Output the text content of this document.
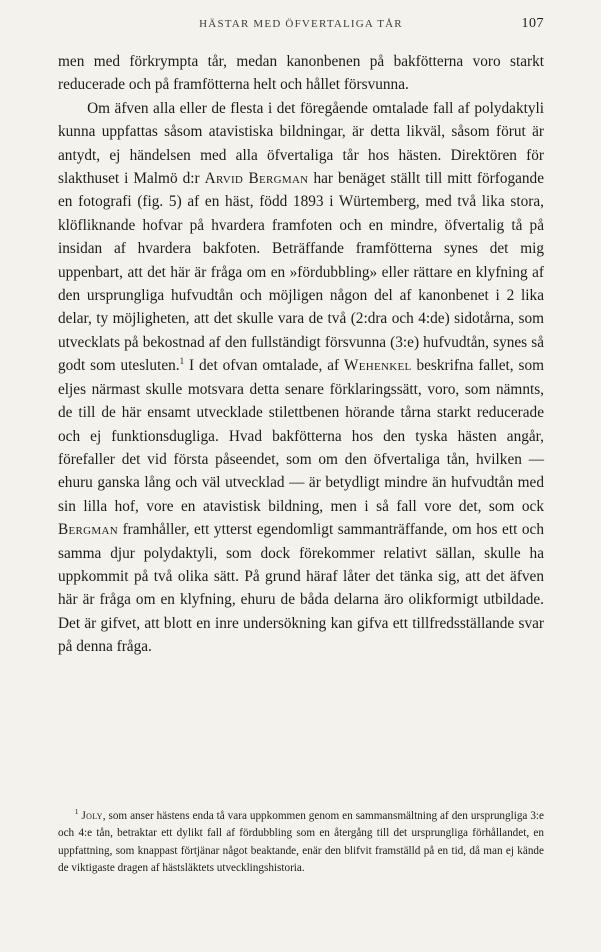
HÄSTAR MED ÖFVERTALIGA TÅR	107

men med förkrympta tår, medan kanonbenen på bakfötterna voro starkt reducerade och på framfötterna helt och hållet försvunna.

Om äfven alla eller de flesta i det föregående omtalade fall af polydaktyli kunna uppfattas såsom atavistiska bildningar, är detta likväl, såsom förut är antydt, ej händelsen med alla öfvertaliga tår hos hästen. Direktören för slakthuset i Malmö d:r Arvid Bergman har benäget ställt till mitt förfogande en fotografi (fig. 5) af en häst, född 1893 i Würtemberg, med två lika stora, klöfliknande hofvar på hvardera framfoten och en mindre, öfvertalig tå på insidan af hvardera bakfoten. Beträffande framfötterna synes det mig uppenbart, att det här är fråga om en »fördubbling» eller rättare en klyfning af den ursprungliga hufvudtån och möjligen någon del af kanonbenet i 2 lika delar, ty möjligheten, att det skulle vara de två (2:dra och 4:de) sidotårna, som utvecklats på bekostnad af den fullständigt försvunna (3:e) hufvudtån, synes så godt som utesluten.$^1$ I det ofvan omtalade, af Wehenkel beskrifna fallet, som eljes närmast skulle motsvara detta senare förklaringssätt, voro, som nämnts, de till de här ensamt utvecklade stilettbenen hörande tårna starkt reducerade och ej funktionsdugliga. Hvad bakfötterna hos den tyska hästen angår, förefaller det vid första påseendet, som om den öfvertaliga tån, hvilken — ehuru ganska lång och väl utvecklad — är betydligt mindre än hufvudtån med sin lilla hof, vore en atavistisk bildning, men i så fall vore det, som ock Bergman framhåller, ett ytterst egendomligt sammanträffande, om hos ett och samma djur polydaktyli, som dock förekommer relativt sällan, skulle ha uppkommit på två olika sätt. På grund häraf låter det tänka sig, att det äfven här är fråga om en klyfning, ehuru de båda delarna äro olikformigt utbildade. Det är gifvet, att blott en inre undersökning kan gifva ett tillfredsställande svar på denna fråga.

$^1$ Joly, som anser hästens enda tå vara uppkommen genom en sammansmältning af den ursprungliga 3:e och 4:e tån, betraktar ett dylikt fall af fördubbling som en återgång till det ursprungliga förhållandet, en uppfattning, som knappast förtjänar något beaktande, enär den blifvit framställd på en tid, då man ej kände de viktigaste dragen af hästsläktets utvecklingshistoria.
